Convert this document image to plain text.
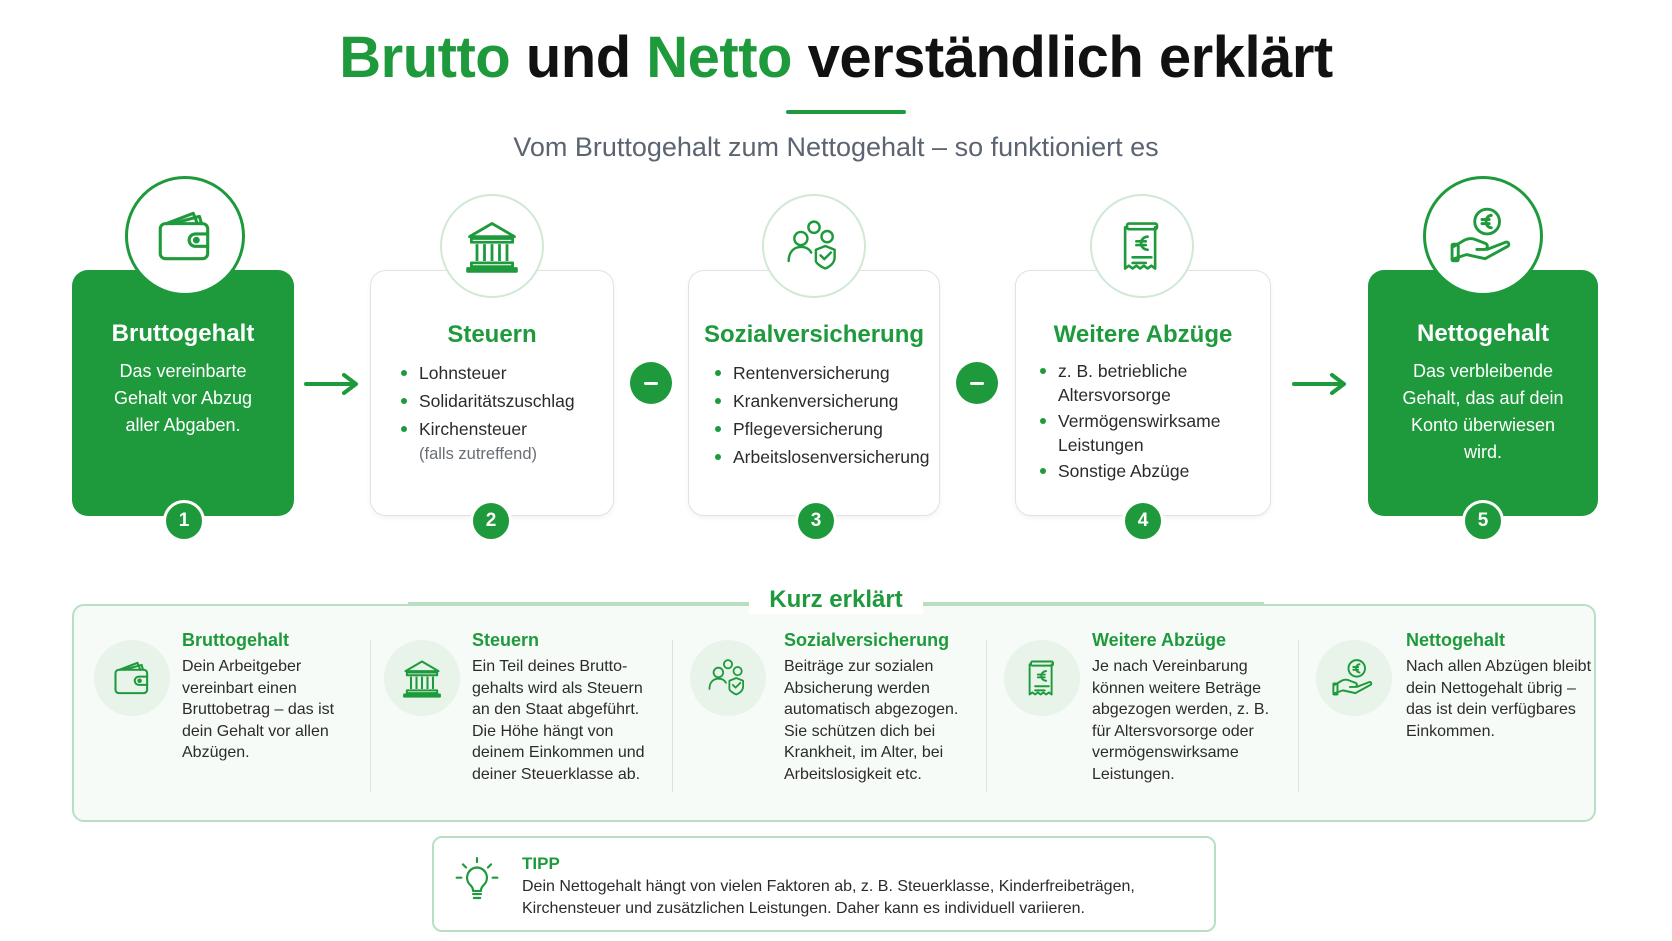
Brutto und Netto verständlich erklärt
Vom Bruttogehalt zum Nettogehalt – so funktioniert es
Bruttogehalt

Das vereinbarte Gehalt vor Abzug aller Abgaben.

1
Steuern
Lohnsteuer
Solidaritätszuschlag
Kirchensteuer
(falls zutreffend)
2
Sozialversicherung
Rentenversicherung
Krankenversicherung
Pflegeversicherung
Arbeitslosenversicherung
3
Weitere Abzüge
z. B. betriebliche Altersvorsorge
Vermögenswirksame Leistungen
Sonstige Abzüge
4
Nettogehalt

Das verbleibende Gehalt, das auf dein Konto überwiesen wird.

5
Kurz erklärt
Bruttogehalt
Dein Arbeitgeber vereinbart einen Bruttobetrag – das ist dein Gehalt vor allen Abzügen.
Steuern
Ein Teil deines Brutto-gehalts wird als Steuern an den Staat abgeführt. Die Höhe hängt von deinem Einkommen und deiner Steuerklasse ab.
Sozialversicherung
Beiträge zur sozialen Absicherung werden automatisch abgezogen. Sie schützen dich bei Krankheit, im Alter, bei Arbeitslosigkeit etc.
Weitere Abzüge
Je nach Vereinbarung können weitere Beträge abgezogen werden, z. B. für Altersvorsorge oder vermögenswirksame Leistungen.
Nettogehalt
Nach allen Abzügen bleibt dein Nettogehalt übrig – das ist dein verfügbares Einkommen.
TIPP
Dein Nettogehalt hängt von vielen Faktoren ab, z. B. Steuerklasse, Kinderfreibeträgen, Kirchensteuer und zusätzlichen Leistungen. Daher kann es individuell variieren.
